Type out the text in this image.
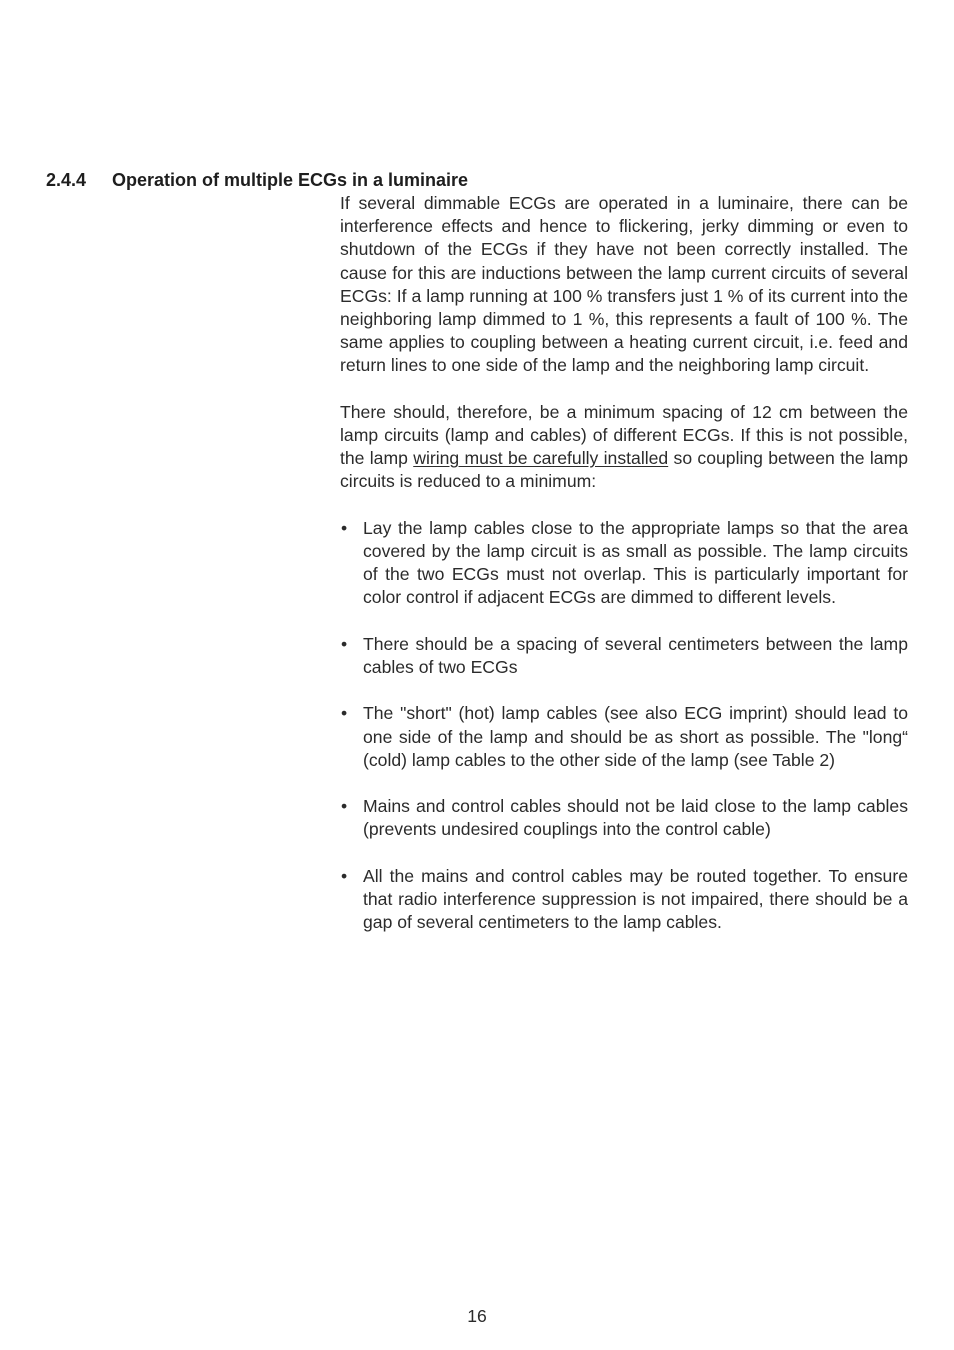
2.4.4 Operation of multiple ECGs in a luminaire

If several dimmable ECGs are operated in a luminaire, there can be interference effects and hence to flickering, jerky dimming or even to shutdown of the ECGs if they have not been correctly installed. The cause for this are inductions between the lamp current circuits of several ECGs: If a lamp running at 100 % transfers just 1 % of its current into the neighboring lamp dimmed to 1 %, this represents a fault of 100 %. The same applies to coupling between a heating current circuit, i.e. feed and return lines to one side of the lamp and the neighboring lamp circuit.

There should, therefore, be a minimum spacing of 12 cm between the lamp circuits (lamp and cables) of different ECGs. If this is not possible, the lamp wiring must be carefully installed so coupling between the lamp circuits is reduced to a minimum:

• Lay the lamp cables close to the appropriate lamps so that the area covered by the lamp circuit is as small as possible. The lamp circuits of the two ECGs must not overlap. This is particularly important for color control if adjacent ECGs are dimmed to different levels.
• There should be a spacing of several centimeters between the lamp cables of two ECGs
• The "short" (hot) lamp cables (see also ECG imprint) should lead to one side of the lamp and should be as short as possible. The "long“ (cold) lamp cables to the other side of the lamp (see Table 2)
• Mains and control cables should not be laid close to the lamp cables (prevents undesired couplings into the control cable)
• All the mains and control cables may be routed together. To ensure that radio interference suppression is not impaired, there should be a gap of several centimeters to the lamp cables.
16
